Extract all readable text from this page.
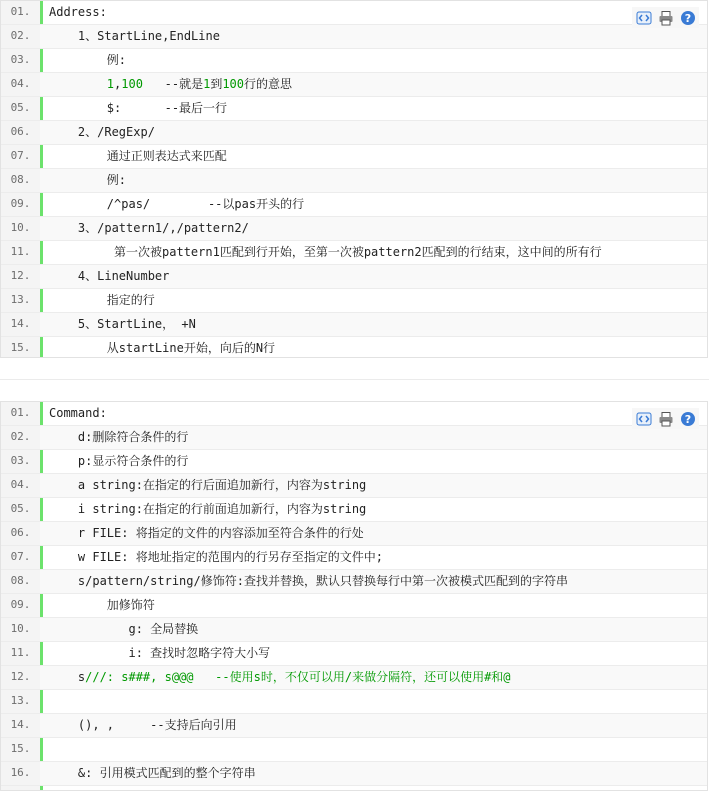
?
01.	Address:
02.	1、StartLine,EndLine
03.	例:
04.	1,100   --就是1到100行的意思
05.	$:      --最后一行
06.	2、/RegExp/
07.	通过正则表达式来匹配
08.	例:
09.	/^pas/        --以pas开头的行
10.	3、/pattern1/,/pattern2/
11.	第一次被pattern1匹配到行开始，至第一次被pattern2匹配到的行结束，这中间的所有行
12.	4、LineNumber
13.	指定的行
14.	5、StartLine， +N
15.	从startLine开始，向后的N行
?
01.	Command:
02.	d:删除符合条件的行
03.	p:显示符合条件的行
04.	a string:在指定的行后面追加新行，内容为string
05.	i string:在指定的行前面追加新行，内容为string
06.	r FILE: 将指定的文件的内容添加至符合条件的行处
07.	w FILE: 将地址指定的范围内的行另存至指定的文件中;
08.	s/pattern/string/修饰符:查找并替换，默认只替换每行中第一次被模式匹配到的字符串
09.	加修饰符
10.	g: 全局替换
11.	i: 查找时忽略字符大小写
12.	s///: s###, s@@@   --使用s时，不仅可以用/来做分隔符，还可以使用#和@
13.
14.	(), ,     --支持后向引用
15.
16.	&: 引用模式匹配到的整个字符串
